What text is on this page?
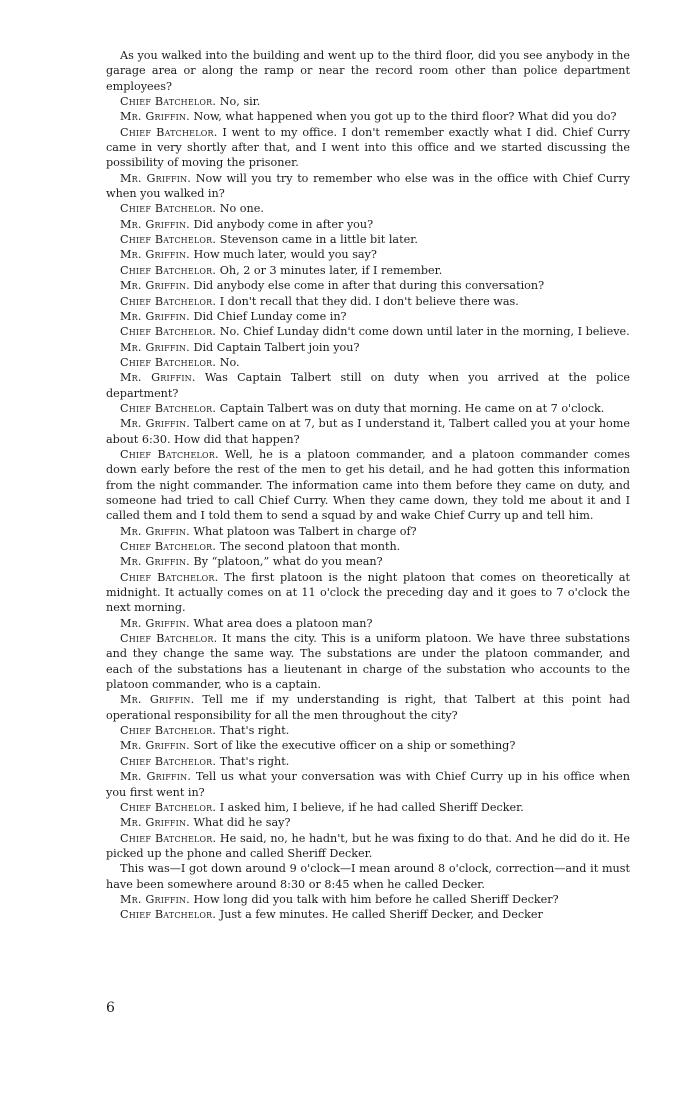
As you walked into the building and went up to the third floor, did you see anybody in the garage area or along the ramp or near the record room other than police department employees?

Chief Batchelor. No, sir.

Mr. Griffin. Now, what happened when you got up to the third floor? What did you do?

Chief Batchelor. I went to my office. I don't remember exactly what I did. Chief Curry came in very shortly after that, and I went into this office and we started discussing the possibility of moving the prisoner.

Mr. Griffin. Now will you try to remember who else was in the office with Chief Curry when you walked in?

Chief Batchelor. No one.

Mr. Griffin. Did anybody come in after you?

Chief Batchelor. Stevenson came in a little bit later.

Mr. Griffin. How much later, would you say?

Chief Batchelor. Oh, 2 or 3 minutes later, if I remember.

Mr. Griffin. Did anybody else come in after that during this conversation?

Chief Batchelor. I don't recall that they did. I don't believe there was.

Mr. Griffin. Did Chief Lunday come in?

Chief Batchelor. No. Chief Lunday didn't come down until later in the morning, I believe.

Mr. Griffin. Did Captain Talbert join you?

Chief Batchelor. No.

Mr. Griffin. Was Captain Talbert still on duty when you arrived at the police department?

Chief Batchelor. Captain Talbert was on duty that morning. He came on at 7 o'clock.

Mr. Griffin. Talbert came on at 7, but as I understand it, Talbert called you at your home about 6:30. How did that happen?

Chief Batchelor. Well, he is a platoon commander, and a platoon commander comes down early before the rest of the men to get his detail, and he had gotten this information from the night commander. The information came into them before they came on duty, and someone had tried to call Chief Curry. When they came down, they told me about it and I called them and I told them to send a squad by and wake Chief Curry up and tell him.

Mr. Griffin. What platoon was Talbert in charge of?

Chief Batchelor. The second platoon that month.

Mr. Griffin. By “platoon,” what do you mean?

Chief Batchelor. The first platoon is the night platoon that comes on theoretically at midnight. It actually comes on at 11 o'clock the preceding day and it goes to 7 o'clock the next morning.

Mr. Griffin. What area does a platoon man?

Chief Batchelor. It mans the city. This is a uniform platoon. We have three substations and they change the same way. The substations are under the platoon commander, and each of the substations has a lieutenant in charge of the substation who accounts to the platoon commander, who is a captain.

Mr. Griffin. Tell me if my understanding is right, that Talbert at this point had operational responsibility for all the men throughout the city?

Chief Batchelor. That's right.

Mr. Griffin. Sort of like the executive officer on a ship or something?

Chief Batchelor. That's right.

Mr. Griffin. Tell us what your conversation was with Chief Curry up in his office when you first went in?

Chief Batchelor. I asked him, I believe, if he had called Sheriff Decker.

Mr. Griffin. What did he say?

Chief Batchelor. He said, no, he hadn't, but he was fixing to do that. And he did do it. He picked up the phone and called Sheriff Decker.

This was—I got down around 9 o'clock—I mean around 8 o'clock, correction—and it must have been somewhere around 8:30 or 8:45 when he called Decker.

Mr. Griffin. How long did you talk with him before he called Sheriff Decker?

Chief Batchelor. Just a few minutes. He called Sheriff Decker, and Decker

6
